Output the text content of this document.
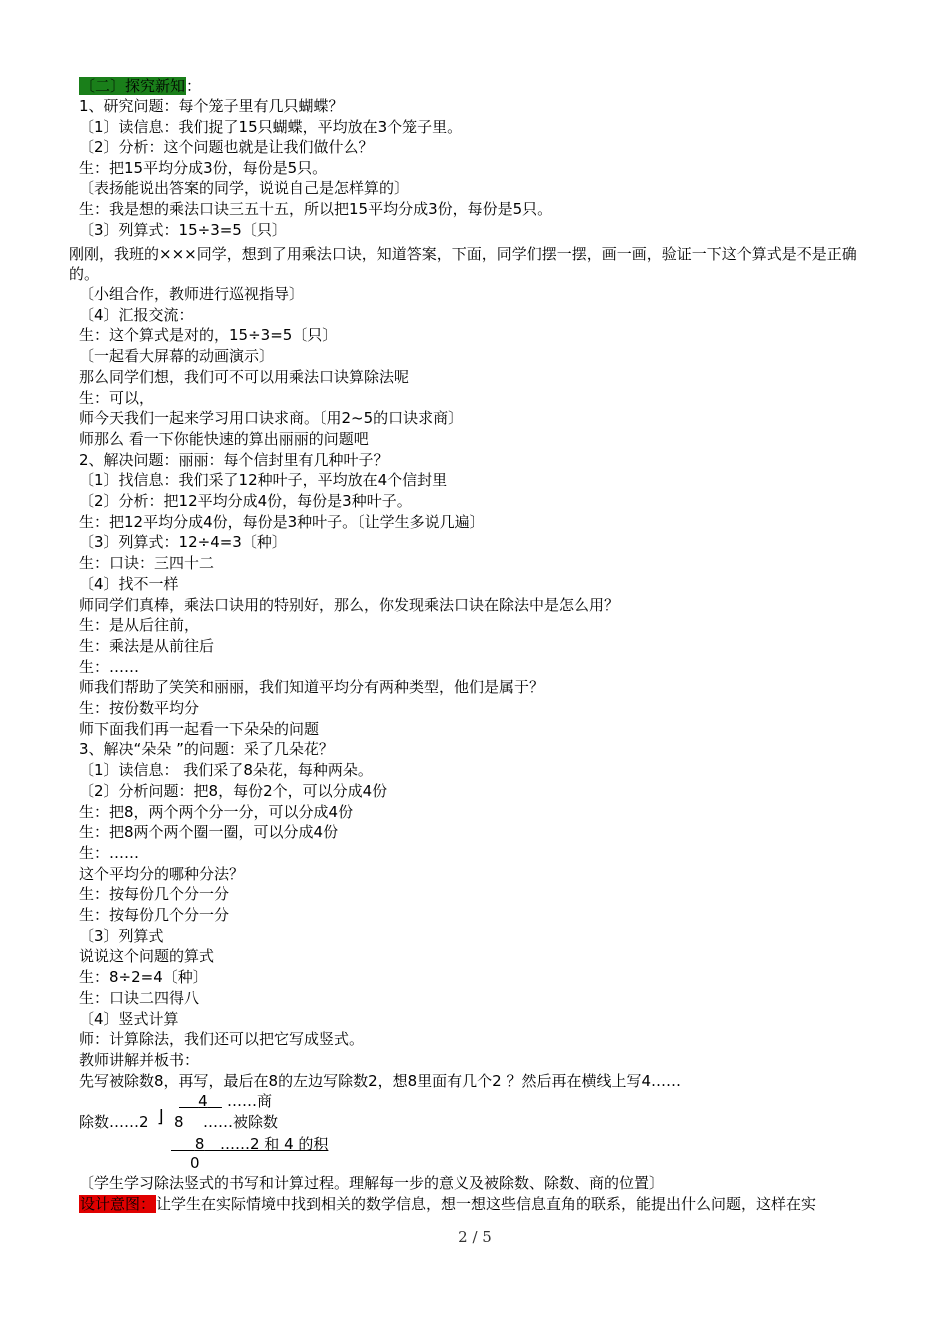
〔二〕探究新知：
1、研究问题：每个笼子里有几只蝴蝶？
〔1〕读信息：我们捉了15只蝴蝶，平均放在3个笼子里。
〔2〕分析：这个问题也就是让我们做什么？
生：把15平均分成3份，每份是5只。
〔表扬能说出答案的同学，说说自己是怎样算的〕
生：我是想的乘法口诀三五十五，所以把15平均分成3份，每份是5只。
〔3〕列算式：15÷3=5〔只〕
刚刚，我班的×××同学，想到了用乘法口诀，知道答案，下面，同学们摆一摆，画一画，验证一下这个算式是不是正确的。
〔小组合作，教师进行巡视指导〕
〔4〕汇报交流：
生：这个算式是对的，15÷3=5〔只〕
〔一起看大屏幕的动画演示〕
那么同学们想，我们可不可以用乘法口诀算除法呢
生：可以，
师今天我们一起来学习用口诀求商。〔用2~5的口诀求商〕
师那么 看一下你能快速的算出丽丽的问题吧
2、解决问题：丽丽：每个信封里有几种叶子？
〔1〕找信息：我们采了12种叶子，平均放在4个信封里
〔2〕分析：把12平均分成4份，每份是3种叶子。
生：把12平均分成4份，每份是3种叶子。〔让学生多说几遍〕
〔3〕列算式：12÷4=3〔种〕
生：口诀：三四十二
〔4〕找不一样
师同学们真棒，乘法口诀用的特别好，那么，你发现乘法口诀在除法中是怎么用？
生：是从后往前，
生：乘法是从前往后
生：……
师我们帮助了笑笑和丽丽，我们知道平均分有两种类型，他们是属于？
生：按份数平均分
师下面我们再一起看一下朵朵的问题
3、解决“朵朵 ”的问题：采了几朵花？
〔1〕读信息： 我们采了8朵花，每种两朵。
〔2〕分析问题：把8，每份2个，可以分成4份
生：把8，两个两个分一分，可以分成4份
生：把8两个两个圈一圈，可以分成4份
生：……
这个平均分的哪种分法？
生：按每份几个分一分
生：按每份几个分一分
〔3〕列算式
说说这个问题的算式
生：8÷2=4〔种〕
生：口诀二四得八
〔4〕竖式计算
师：计算除法，我们还可以把它写成竖式。
教师讲解并板书：
先写被除数8，再写，最后在8的左边写除数2，想8里面有几个2 ？然后再在横线上写4……
4	……商
除数……2 ⌋ 8 ……被除数
8	……2 和 4 的积
0
〔学生学习除法竖式的书写和计算过程。理解每一步的意义及被除数、除数、商的位置〕
设计意图：让学生在实际情境中找到相关的数学信息，想一想这些信息直角的联系，能提出什么问题，这样在实
2 / 5
